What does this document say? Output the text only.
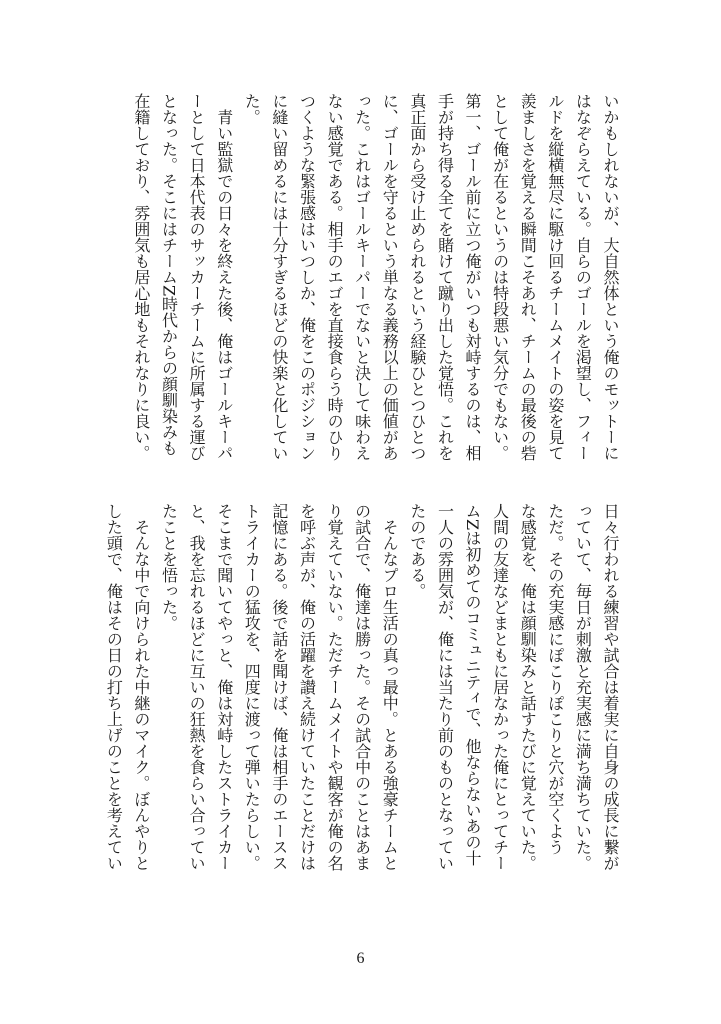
いかもしれないが、大自然体という俺のモットーに
はなぞらえている。自らのゴールを渇望し、フィー
ルドを縦横無尽に駆け回るチームメイトの姿を見て
羨ましさを覚える瞬間こそあれ、チームの最後の砦
として俺が在るというのは特段悪い気分でもない。
第一、ゴール前に立つ俺がいつも対峙するのは、相
手が持ち得る全てを賭けて蹴り出した覚悟。これを
真正面から受け止められるという経験ひとつひとつ
に、ゴールを守るという単なる義務以上の価値があ
った。これはゴールキーパーでないと決して味わえ
ない感覚である。相手のエゴを直接食らう時のひり
つくような緊張感はいつしか、俺をこのポジション
に縫い留めるには十分すぎるほどの快楽と化してい
た。
　青い監獄での日々を終えた後、俺はゴールキーパ
ーとして日本代表のサッカーチームに所属する運び
となった。そこにはチームZ時代からの顔馴染みも
在籍しており、雰囲気も居心地もそれなりに良い。
日々行われる練習や試合は着実に自身の成長に繋が
っていて、毎日が刺激と充実感に満ち満ちていた。
ただ。その充実感にぽこりぽこりと穴が空くよう
な感覚を、俺は顔馴染みと話すたびに覚えていた。
人間の友達などまともに居なかった俺にとってチー
ムZは初めてのコミュニティで、他ならないあの十
一人の雰囲気が、俺には当たり前のものとなってい
たのである。
　そんなプロ生活の真っ最中。とある強豪チームと
の試合で、俺達は勝った。その試合中のことはあま
り覚えていない。ただチームメイトや観客が俺の名
を呼ぶ声が、俺の活躍を讃え続けていたことだけは
記憶にある。後で話を聞けば、俺は相手のエースス
トライカーの猛攻を、四度に渡って弾いたらしい。
そこまで聞いてやっと、俺は対峙したストライカー
と、我を忘れるほどに互いの狂熱を食らい合ってい
たことを悟った。
　そんな中で向けられた中継のマイク。ぼんやりと
した頭で、俺はその日の打ち上げのことを考えてい
6
